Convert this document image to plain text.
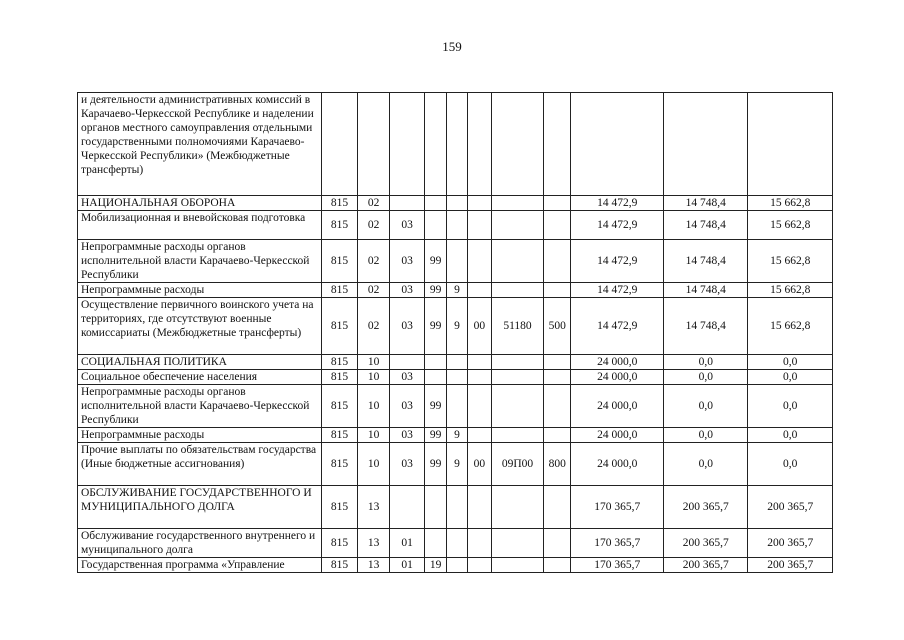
159
и деятельности административных комиссий в Карачаево-Черкесской Республике и наделении органов местного самоуправления отдельными государственными полномочиями Карачаево-Черкесской Республики» (Межбюджетные трансферты)											
НАЦИОНАЛЬНАЯ ОБОРОНА	815	02							14 472,9	14 748,4	15 662,8
Мобилизационная и вневойсковая подготовка	815	02	03						14 472,9	14 748,4	15 662,8
Непрограммные расходы органов исполнительной власти Карачаево-Черкесской Республики	815	02	03	99					14 472,9	14 748,4	15 662,8
Непрограммные расходы	815	02	03	99	9				14 472,9	14 748,4	15 662,8
Осуществление первичного воинского учета на территориях, где отсутствуют военные комиссариаты (Межбюджетные трансферты)	815	02	03	99	9	00	51180	500	14 472,9	14 748,4	15 662,8
СОЦИАЛЬНАЯ ПОЛИТИКА	815	10							24 000,0	0,0	0,0
Социальное обеспечение населения	815	10	03						24 000,0	0,0	0,0
Непрограммные расходы органов исполнительной власти Карачаево-Черкесской Республики	815	10	03	99					24 000,0	0,0	0,0
Непрограммные расходы	815	10	03	99	9				24 000,0	0,0	0,0
Прочие выплаты по обязательствам государства (Иные бюджетные ассигнования)	815	10	03	99	9	00	09П00	800	24 000,0	0,0	0,0
ОБСЛУЖИВАНИЕ ГОСУДАРСТВЕННОГО И МУНИЦИПАЛЬНОГО ДОЛГА	815	13							170 365,7	200 365,7	200 365,7
Обслуживание государственного внутреннего и муниципального долга	815	13	01						170 365,7	200 365,7	200 365,7
Государственная программа «Управление	815	13	01	19					170 365,7	200 365,7	200 365,7
